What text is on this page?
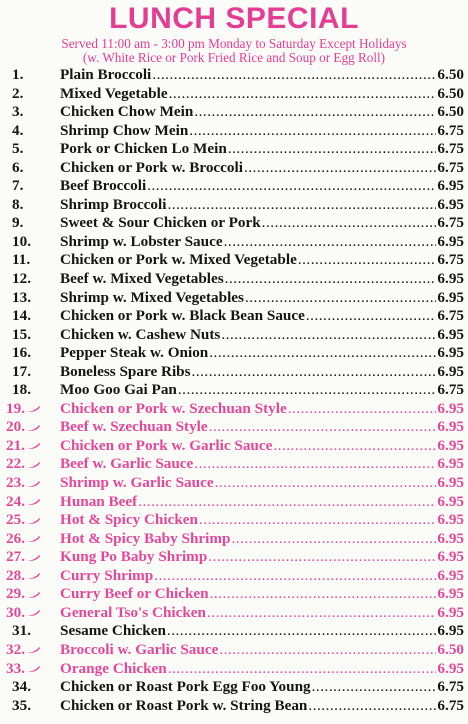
LUNCH SPECIAL
Served 11:00 am - 3:00 pm Monday to Saturday Except Holidays
(w. White Rice or Pork Fried Rice and Soup or Egg Roll)
1.	Plain Broccoli .....	6.50
2.	Mixed Vegetable .....	6.50
3.	Chicken Chow Mein .....	6.50
4.	Shrimp Chow Mein .....	6.75
5.	Pork or Chicken Lo Mein .....	6.75
6.	Chicken or Pork w. Broccoli .....	6.75
7.	Beef Broccoli .....	6.95
8.	Shrimp Broccoli .....	6.95
9.	Sweet & Sour Chicken or Pork .....	6.75
10.	Shrimp w. Lobster Sauce .....	6.95
11.	Chicken or Pork w. Mixed Vegetable .....	6.75
12.	Beef w. Mixed Vegetables .....	6.95
13.	Shrimp w. Mixed Vegetables .....	6.95
14.	Chicken or Pork w. Black Bean Sauce .....	6.75
15.	Chicken w. Cashew Nuts .....	6.95
16.	Pepper Steak w. Onion .....	6.95
17.	Boneless Spare Ribs .....	6.95
18.	Moo Goo Gai Pan .....	6.75
19.	Chicken or Pork w. Szechuan Style .....	6.95
20.	Beef w. Szechuan Style .....	6.95
21.	Chicken or Pork w. Garlic Sauce .....	6.95
22.	Beef w. Garlic Sauce .....	6.95
23.	Shrimp w. Garlic Sauce .....	6.95
24.	Hunan Beef .....	6.95
25.	Hot & Spicy Chicken .....	6.95
26.	Hot & Spicy Baby Shrimp .....	6.95
27.	Kung Po Baby Shrimp .....	6.95
28.	Curry Shrimp .....	6.95
29.	Curry Beef or Chicken .....	6.95
30.	General Tso's Chicken .....	6.95
31.	Sesame Chicken .....	6.95
32.	Broccoli w. Garlic Sauce .....	6.50
33.	Orange Chicken .....	6.95
34.	Chicken or Roast Pork Egg Foo Young .....	6.75
35.	Chicken or Roast Pork w. String Bean .....	6.75
